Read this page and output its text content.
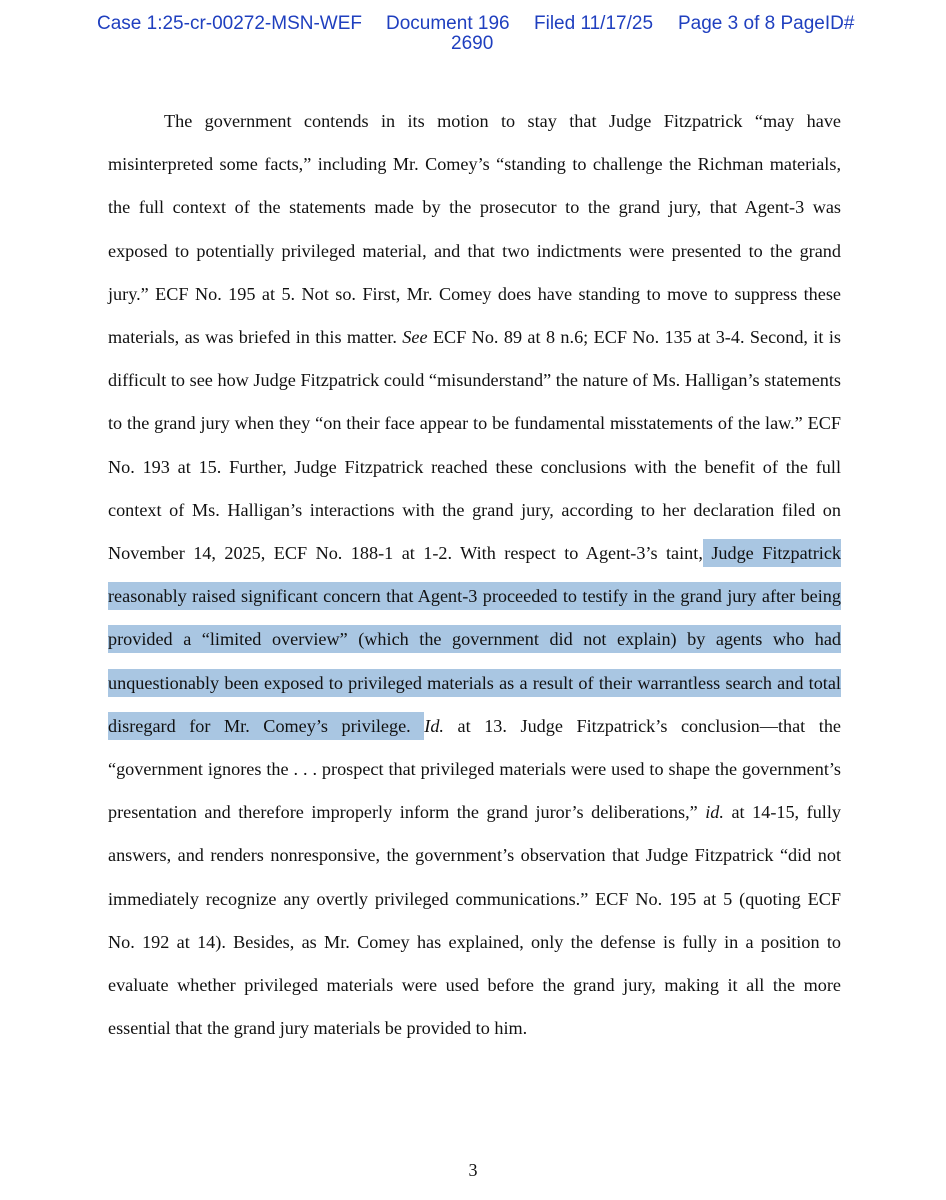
Case 1:25-cr-00272-MSN-WEF Document 196 Filed 11/17/25 Page 3 of 8 PageID#
2690

The government contends in its motion to stay that Judge Fitzpatrick “may have misinterpreted some facts,” including Mr. Comey’s “standing to challenge the Richman materials, the full context of the statements made by the prosecutor to the grand jury, that Agent-3 was exposed to potentially privileged material, and that two indictments were presented to the grand jury.” ECF No. 195 at 5. Not so. First, Mr. Comey does have standing to move to suppress these materials, as was briefed in this matter. See ECF No. 89 at 8 n.6; ECF No. 135 at 3-4. Second, it is difficult to see how Judge Fitzpatrick could “misunderstand” the nature of Ms. Halligan’s statements to the grand jury when they “on their face appear to be fundamental misstatements of the law.” ECF No. 193 at 15. Further, Judge Fitzpatrick reached these conclusions with the benefit of the full context of Ms. Halligan’s interactions with the grand jury, according to her declaration filed on November 14, 2025, ECF No. 188-1 at 1-2. With respect to Agent-3’s taint, Judge Fitzpatrick reasonably raised significant concern that Agent-3 proceeded to testify in the grand jury after being provided a “limited overview” (which the government did not explain) by agents who had unquestionably been exposed to privileged materials as a result of their warrantless search and total disregard for Mr. Comey’s privilege. Id. at 13. Judge Fitzpatrick’s conclusion—that the “government ignores the . . . prospect that privileged materials were used to shape the government’s presentation and therefore improperly inform the grand juror’s deliberations,” id. at 14-15, fully answers, and renders nonresponsive, the government’s observation that Judge Fitzpatrick “did not immediately recognize any overtly privileged communications.” ECF No. 195 at 5 (quoting ECF No. 192 at 14). Besides, as Mr. Comey has explained, only the defense is fully in a position to evaluate whether privileged materials were used before the grand jury, making it all the more essential that the grand jury materials be provided to him.

3
